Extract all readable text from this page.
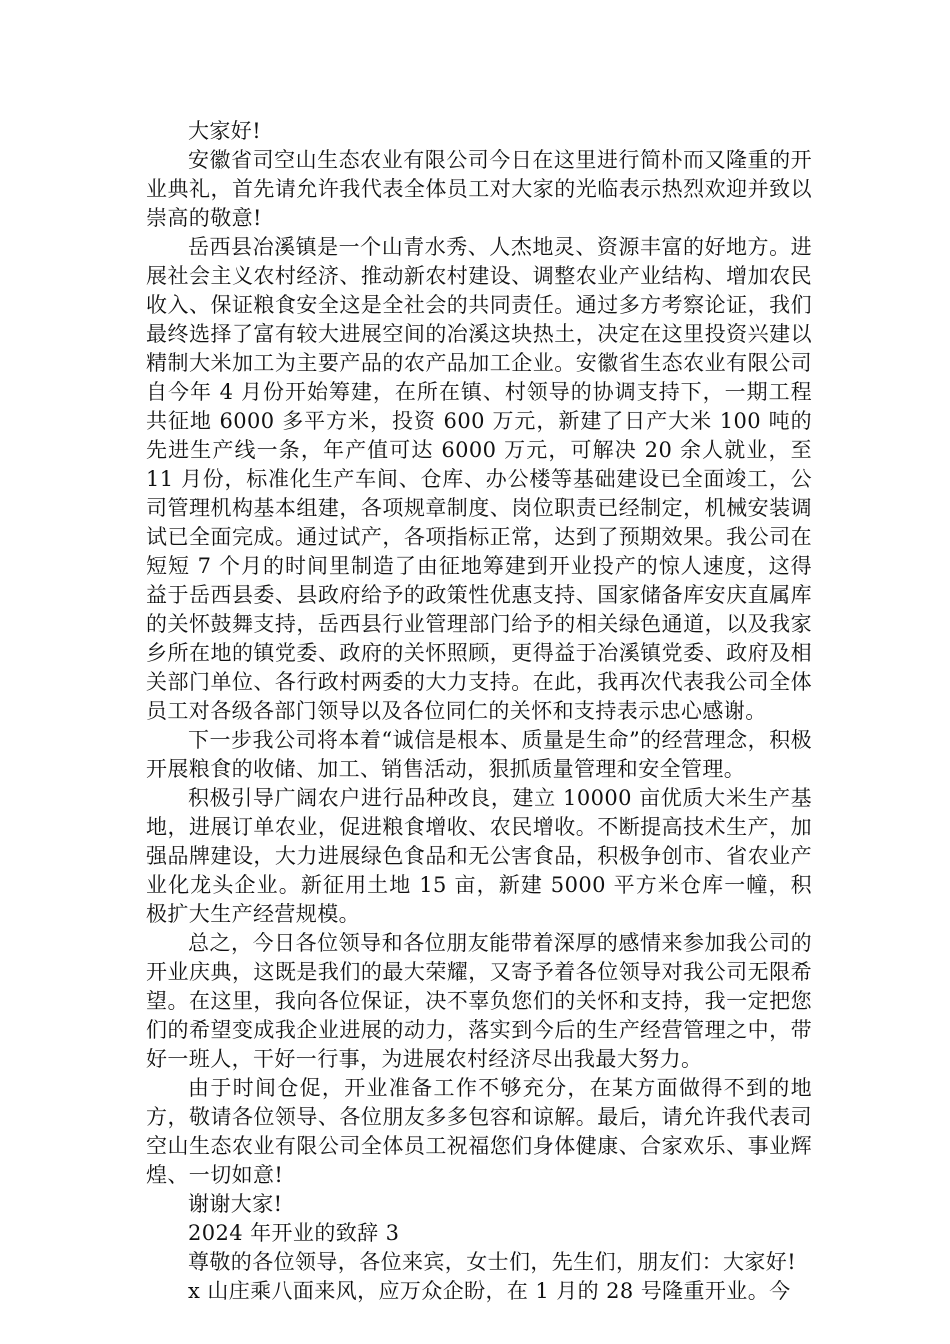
大家好!

安徽省司空山生态农业有限公司今日在这里进行简朴而又隆重的开业典礼，首先请允许我代表全体员工对大家的光临表示热烈欢迎并致以崇高的敬意!

岳西县冶溪镇是一个山青水秀、人杰地灵、资源丰富的好地方。进展社会主义农村经济、推动新农村建设、调整农业产业结构、增加农民收入、保证粮食安全这是全社会的共同责任。通过多方考察论证，我们最终选择了富有较大进展空间的冶溪这块热土，决定在这里投资兴建以精制大米加工为主要产品的农产品加工企业。安徽省生态农业有限公司自今年 4 月份开始筹建，在所在镇、村领导的协调支持下，一期工程共征地 6000 多平方米，投资 600 万元，新建了日产大米 100 吨的先进生产线一条，年产值可达 6000 万元，可解决 20 余人就业，至 11 月份，标准化生产车间、仓库、办公楼等基础建设已全面竣工，公司管理机构基本组建，各项规章制度、岗位职责已经制定，机械安装调试已全面完成。通过试产，各项指标正常，达到了预期效果。我公司在短短 7 个月的时间里制造了由征地筹建到开业投产的惊人速度，这得益于岳西县委、县政府给予的政策性优惠支持、国家储备库安庆直属库的关怀鼓舞支持，岳西县行业管理部门给予的相关绿色通道，以及我家乡所在地的镇党委、政府的关怀照顾，更得益于冶溪镇党委、政府及相关部门单位、各行政村两委的大力支持。在此，我再次代表我公司全体员工对各级各部门领导以及各位同仁的关怀和支持表示忠心感谢。

下一步我公司将本着“诚信是根本、质量是生命”的经营理念，积极开展粮食的收储、加工、销售活动，狠抓质量管理和安全管理。

积极引导广阔农户进行品种改良，建立 10000 亩优质大米生产基地，进展订单农业，促进粮食增收、农民增收。不断提高技术生产，加强品牌建设，大力进展绿色食品和无公害食品，积极争创市、省农业产业化龙头企业。新征用土地 15 亩，新建 5000 平方米仓库一幢，积极扩大生产经营规模。

总之，今日各位领导和各位朋友能带着深厚的感情来参加我公司的开业庆典，这既是我们的最大荣耀，又寄予着各位领导对我公司无限希望。在这里，我向各位保证，决不辜负您们的关怀和支持，我一定把您们的希望变成我企业进展的动力，落实到今后的生产经营管理之中，带好一班人，干好一行事，为进展农村经济尽出我最大努力。

由于时间仓促，开业准备工作不够充分，在某方面做得不到的地方，敬请各位领导、各位朋友多多包容和谅解。最后，请允许我代表司空山生态农业有限公司全体员工祝福您们身体健康、合家欢乐、事业辉煌、一切如意!

谢谢大家!

2024 年开业的致辞 3

尊敬的各位领导，各位来宾，女士们，先生们，朋友们：大家好!

x 山庄乘八面来风，应万众企盼，在 1 月的 28 号隆重开业。今
